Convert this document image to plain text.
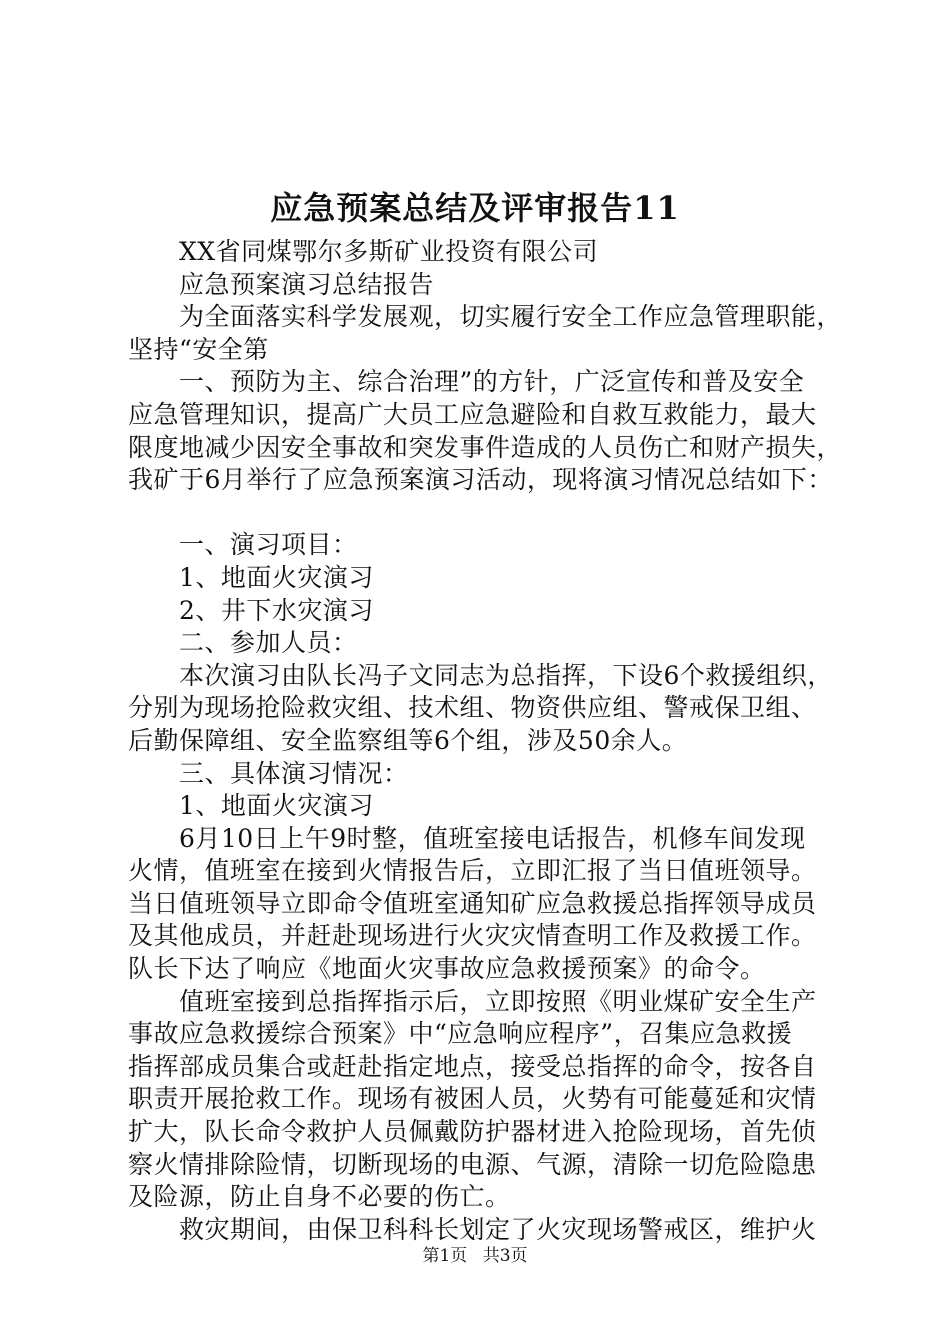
应急预案总结及评审报告11
XX省同煤鄂尔多斯矿业投资有限公司
应急预案演习总结报告
为全面落实科学发展观，切实履行安全工作应急管理职能，
坚持“安全第
一、预防为主、综合治理”的方针，广泛宣传和普及安全
应急管理知识，提高广大员工应急避险和自救互救能力，最大
限度地减少因安全事故和突发事件造成的人员伤亡和财产损失，
我矿于6月举行了应急预案演习活动，现将演习情况总结如下：
一、演习项目：
1、地面火灾演习
2、井下水灾演习
二、参加人员：
本次演习由队长冯子文同志为总指挥，下设6个救援组织，
分别为现场抢险救灾组、技术组、物资供应组、警戒保卫组、
后勤保障组、安全监察组等6个组，涉及50余人。
三、具体演习情况：
1、地面火灾演习
6月10日上午9时整，值班室接电话报告，机修车间发现
火情，值班室在接到火情报告后，立即汇报了当日值班领导。
当日值班领导立即命令值班室通知矿应急救援总指挥领导成员
及其他成员，并赶赴现场进行火灾灾情查明工作及救援工作。
队长下达了响应《地面火灾事故应急救援预案》的命令。
值班室接到总指挥指示后，立即按照《明业煤矿安全生产
事故应急救援综合预案》中“应急响应程序”，召集应急救援
指挥部成员集合或赶赴指定地点，接受总指挥的命令，按各自
职责开展抢救工作。现场有被困人员，火势有可能蔓延和灾情
扩大，队长命令救护人员佩戴防护器材进入抢险现场，首先侦
察火情排除险情，切断现场的电源、气源，清除一切危险隐患
及险源，防止自身不必要的伤亡。
救灾期间，由保卫科科长划定了火灾现场警戒区，维护火
第1页 共3页
